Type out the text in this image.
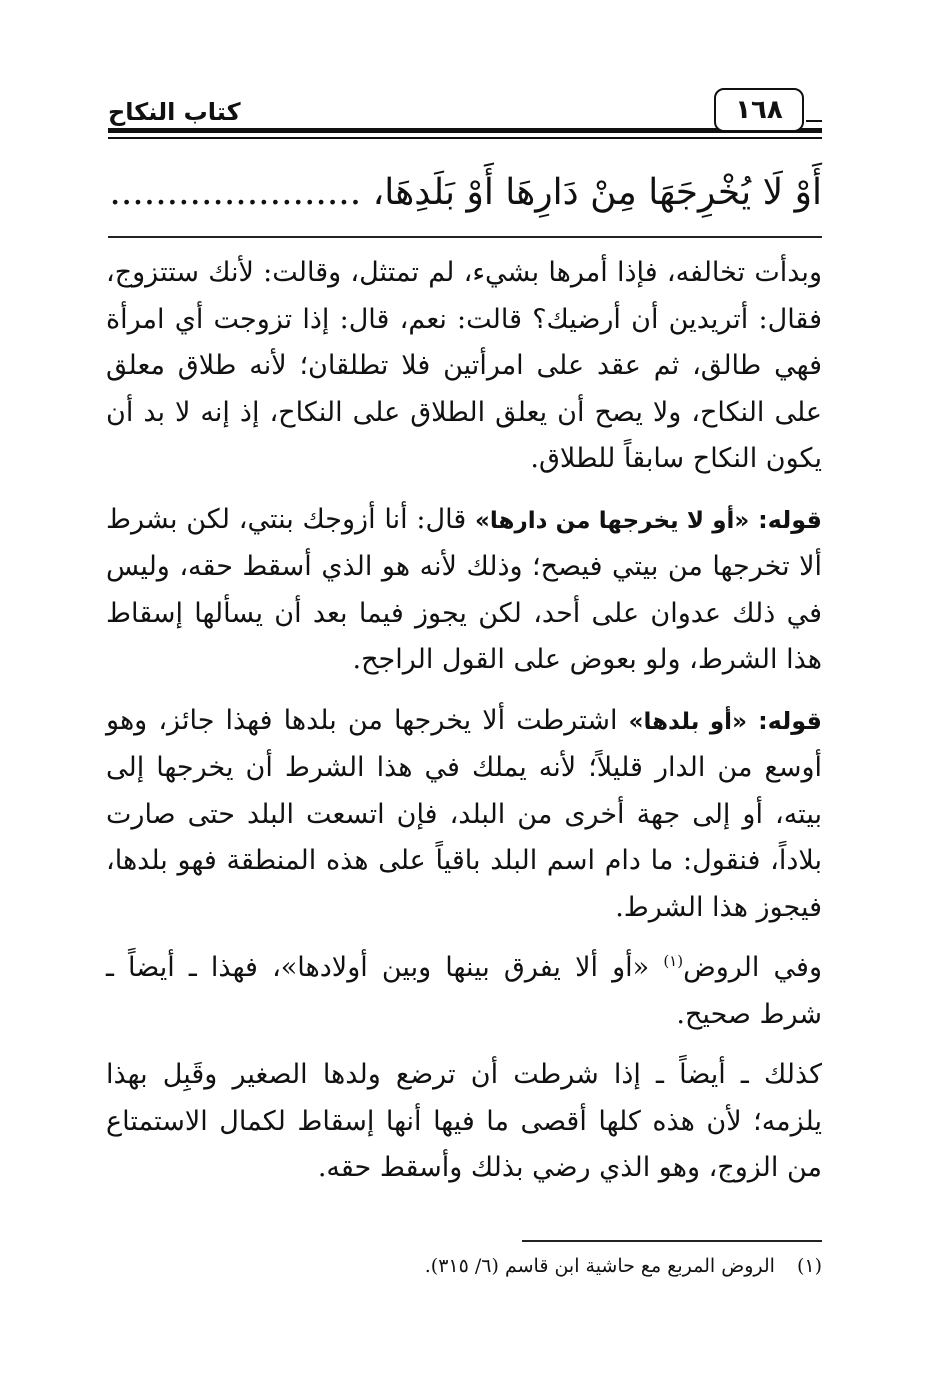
كتاب النكاح	١٦٨
أَوْ لَا يُخْرِجَهَا مِنْ دَارِهَا أَوْ بَلَدِهَا، ......................

وبدأت تخالفه، فإذا أمرها بشيء، لم تمتثل، وقالت: لأنك ستتزوج، فقال: أتريدين أن أرضيك؟ قالت: نعم، قال: إذا تزوجت أي امرأة فهي طالق، ثم عقد على امرأتين فلا تطلقان؛ لأنه طلاق معلق على النكاح، ولا يصح أن يعلق الطلاق على النكاح، إذ إنه لا بد أن يكون النكاح سابقاً للطلاق.

قوله: «أو لا يخرجها من دارها» قال: أنا أزوجك بنتي، لكن بشرط ألا تخرجها من بيتي فيصح؛ وذلك لأنه هو الذي أسقط حقه، وليس في ذلك عدوان على أحد، لكن يجوز فيما بعد أن يسألها إسقاط هذا الشرط، ولو بعوض على القول الراجح.

قوله: «أو بلدها» اشترطت ألا يخرجها من بلدها فهذا جائز، وهو أوسع من الدار قليلاً؛ لأنه يملك في هذا الشرط أن يخرجها إلى بيته، أو إلى جهة أخرى من البلد، فإن اتسعت البلد حتى صارت بلاداً، فنقول: ما دام اسم البلد باقياً على هذه المنطقة فهو بلدها، فيجوز هذا الشرط.

وفي الروض$^{(١)}$ «أو ألا يفرق بينها وبين أولادها»، فهذا ـ أيضاً ـ شرط صحيح.

كذلك ـ أيضاً ـ إذا شرطت أن ترضع ولدها الصغير وقَبِل بهذا يلزمه؛ لأن هذه كلها أقصى ما فيها أنها إسقاط لكمال الاستمتاع من الزوج، وهو الذي رضي بذلك وأسقط حقه.

(١)الروض المربع مع حاشية ابن قاسم (٦/ ٣١٥).
